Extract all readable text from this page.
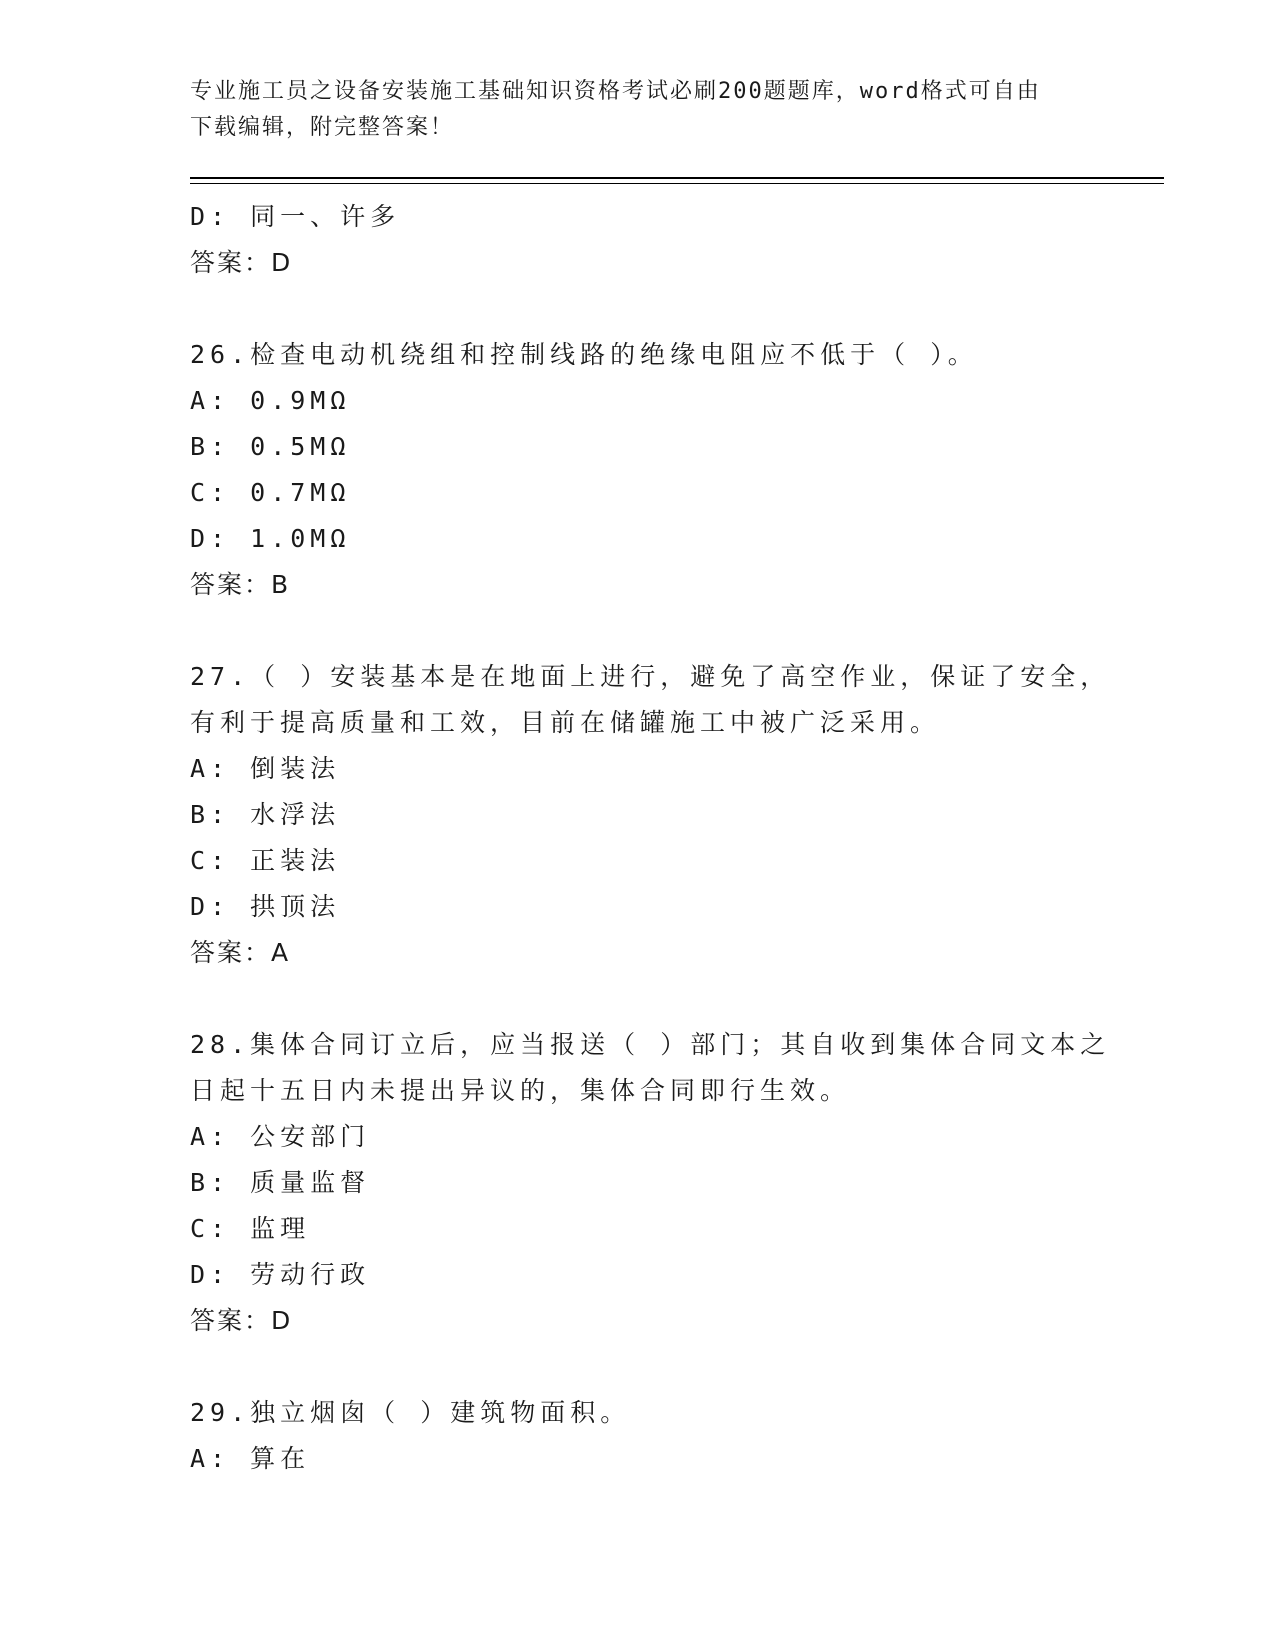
专业施工员之设备安装施工基础知识资格考试必刷200题题库，word格式可自由
下载编辑，附完整答案！
D: 同一、许多
答案：D
26.检查电动机绕组和控制线路的绝缘电阻应不低于（ ）。
A: 0.9MΩ
B: 0.5MΩ
C: 0.7MΩ
D: 1.0MΩ
答案：B
27.（ ）安装基本是在地面上进行，避免了高空作业，保证了安全，
有利于提高质量和工效，目前在储罐施工中被广泛采用。
A: 倒装法
B: 水浮法
C: 正装法
D: 拱顶法
答案：A
28.集体合同订立后，应当报送（ ）部门；其自收到集体合同文本之
日起十五日内未提出异议的，集体合同即行生效。
A: 公安部门
B: 质量监督
C: 监理
D: 劳动行政
答案：D
29.独立烟囱（ ）建筑物面积。
A: 算在
